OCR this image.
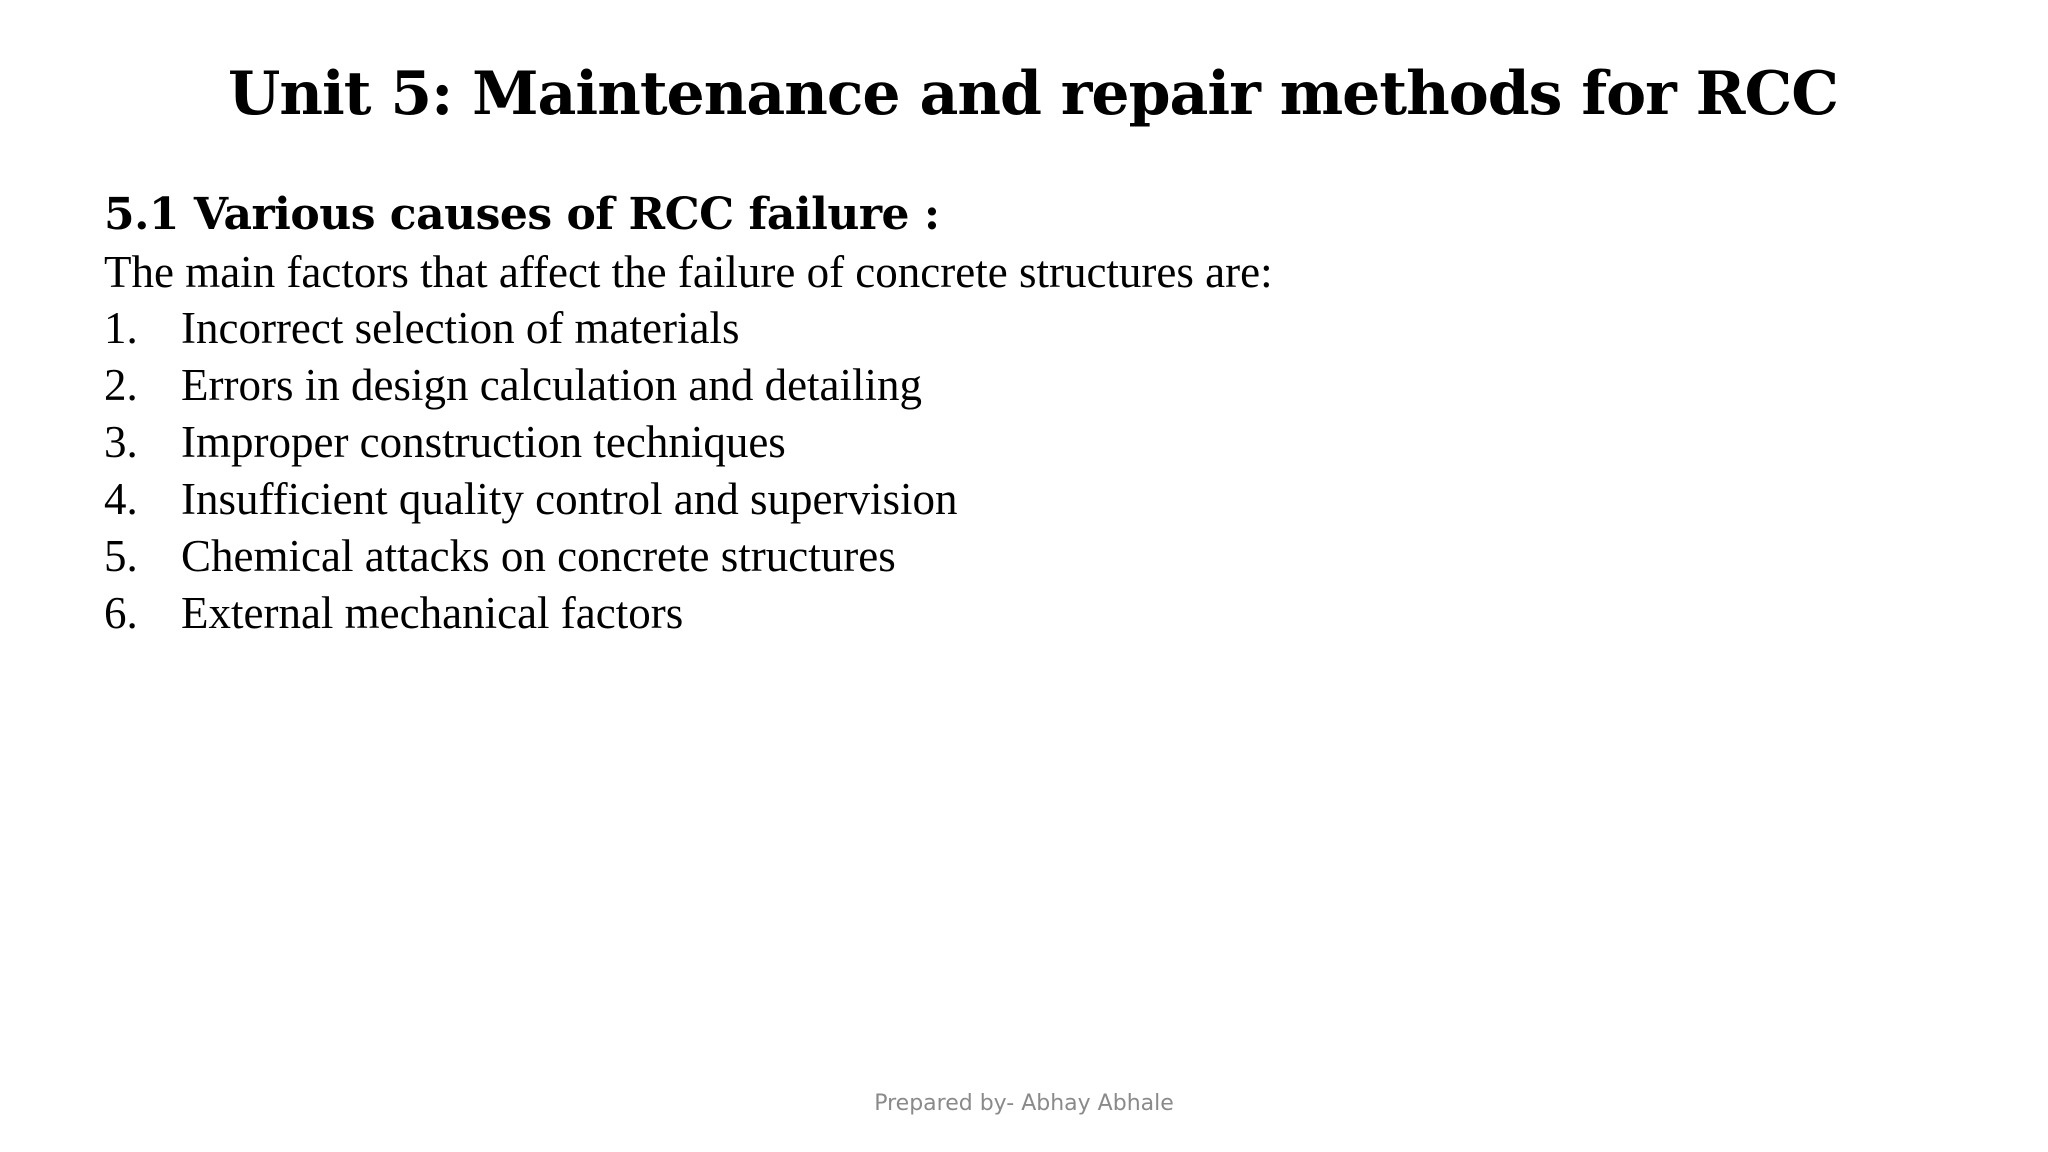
Unit 5: Maintenance and repair methods for RCC
5.1 Various causes of RCC failure :

The main factors that affect the failure of concrete structures are:

1. Incorrect selection of materials
2. Errors in design calculation and detailing
3. Improper construction techniques
4. Insufficient quality control and supervision
5. Chemical attacks on concrete structures
6. External mechanical factors
Prepared by- Abhay Abhale
